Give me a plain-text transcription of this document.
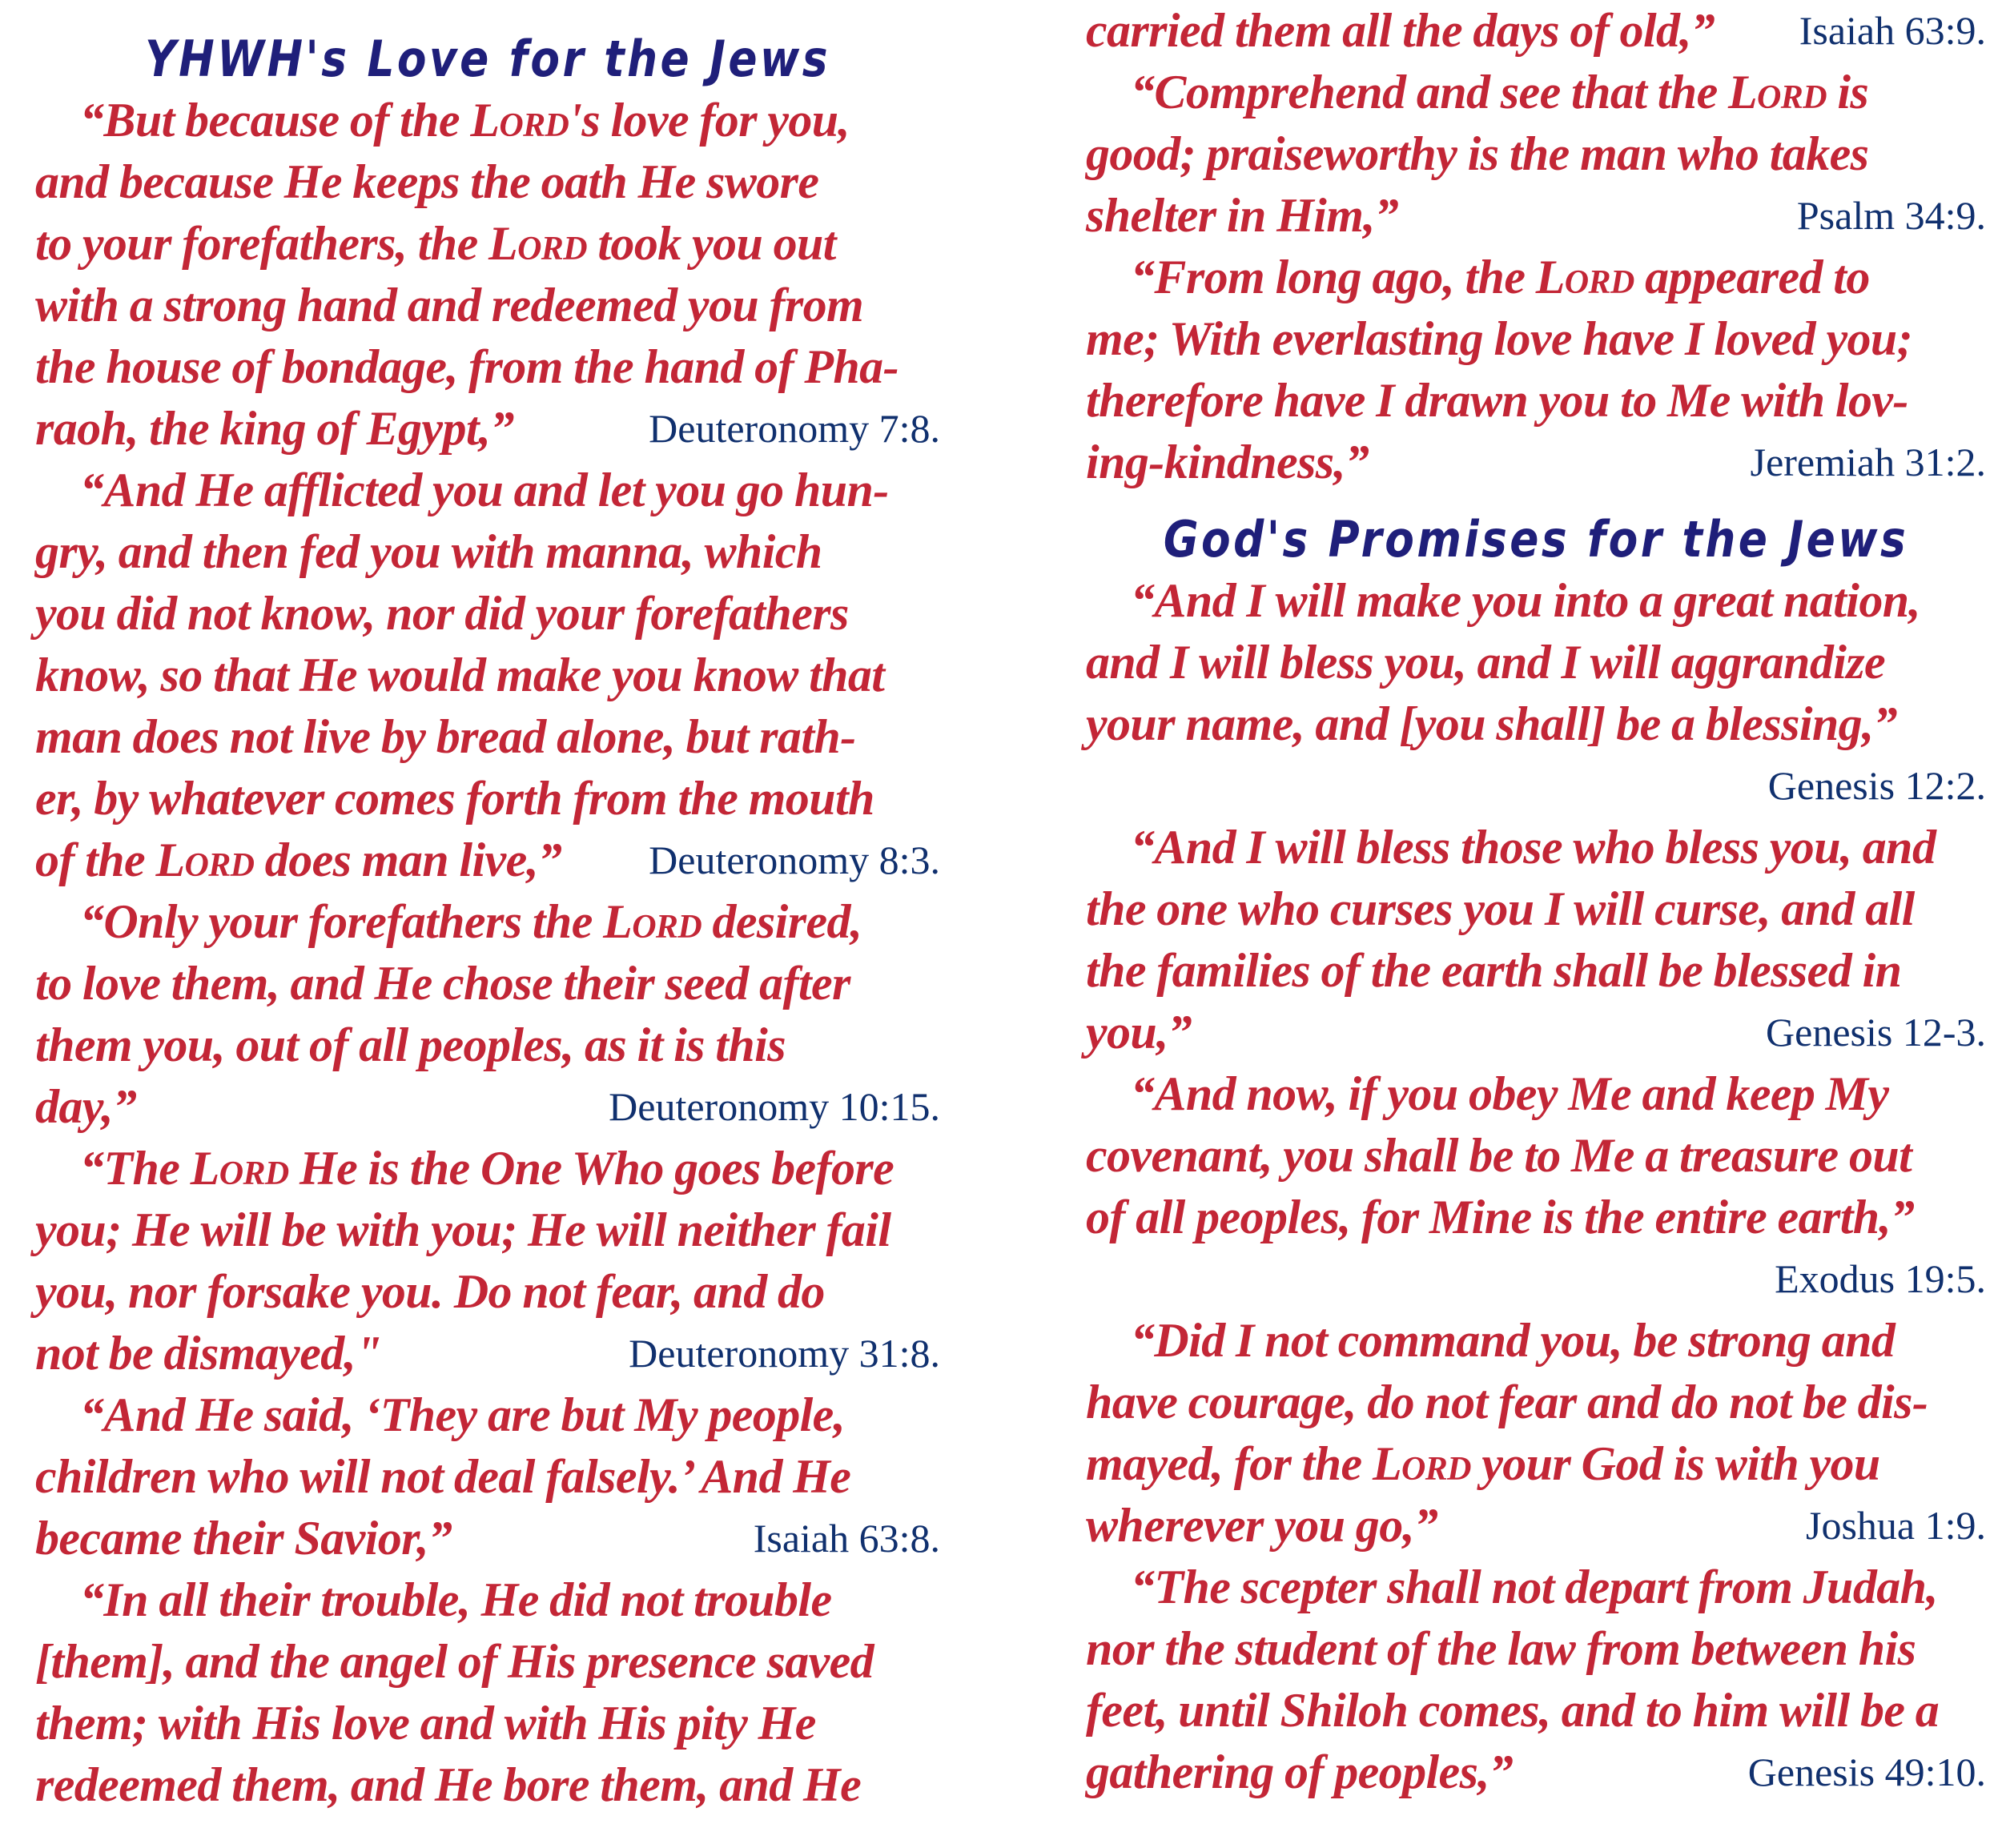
YHWH's Love for the Jews
“But because of the Lord's love for you,
and because He keeps the oath He swore
to your forefathers, the Lord took you out
with a strong hand and redeemed you from
the house of bondage, from the hand of Pha-
Deuteronomy 7:8.
raoh, the king of Egypt,”
“And He afflicted you and let you go hun-
gry, and then fed you with manna, which
you did not know, nor did your forefathers
know, so that He would make you know that
man does not live by bread alone, but rath-
er, by whatever comes forth from the mouth
Deuteronomy 8:3.
of the Lord does man live,”
“Only your forefathers the Lord desired,
to love them, and He chose their seed after
them you, out of all peoples, as it is this
Deuteronomy 10:15.
day,”
“The Lord He is the One Who goes before
you; He will be with you; He will neither fail
you, nor forsake you. Do not fear, and do
Deuteronomy 31:8.
not be dismayed,"
“And He said, ‘They are but My people,
children who will not deal falsely.’ And He
Isaiah 63:8.
became their Savior,”
“In all their trouble, He did not trouble
[them], and the angel of His presence saved
them; with His love and with His pity He
redeemed them, and He bore them, and He
Isaiah 63:9.
carried them all the days of old,”
“Comprehend and see that the Lord is
good; praiseworthy is the man who takes
Psalm 34:9.
shelter in Him,”
“From long ago, the Lord appeared to
me; With everlasting love have I loved you;
therefore have I drawn you to Me with lov-
Jeremiah 31:2.
ing-kindness,”
God's Promises for the Jews
“And I will make you into a great nation,
and I will bless you, and I will aggrandize
your name, and [you shall] be a blessing,”
Genesis 12:2.

“And I will bless those who bless you, and
the one who curses you I will curse, and all
the families of the earth shall be blessed in
Genesis 12-3.
you,”
“And now, if you obey Me and keep My
covenant, you shall be to Me a treasure out
of all peoples, for Mine is the entire earth,”
Exodus 19:5.

“Did I not command you, be strong and
have courage, do not fear and do not be dis-
mayed, for the Lord your God is with you
Joshua 1:9.
wherever you go,”
“The scepter shall not depart from Judah,
nor the student of the law from between his
feet, until Shiloh comes, and to him will be a
Genesis 49:10.
gathering of peoples,”
